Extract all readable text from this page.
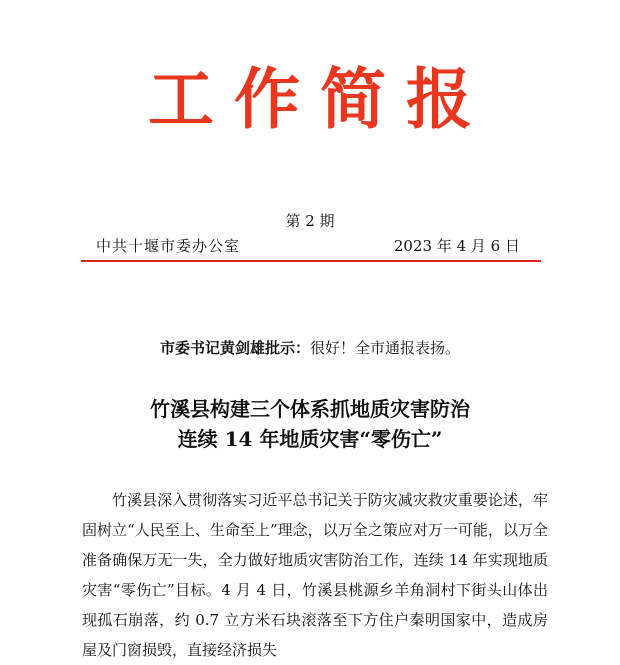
工作简报
第 2 期
中共十堰市委办公室	2023 年 4 月 6 日
市委书记黄剑雄批示：很好！全市通报表扬。
竹溪县构建三个体系抓地质灾害防治
连续 14 年地质灾害“零伤亡”

竹溪县深入贯彻落实习近平总书记关于防灾减灾救灾重要论述，牢固树立“人民至上、生命至上”理念，以万全之策应对万一可能，以万全准备确保万无一失，全力做好地质灾害防治工作，连续 14 年实现地质灾害“零伤亡”目标。4 月 4 日，竹溪县桃源乡羊角洞村下街头山体出现孤石崩落，约 0.7 立方米石块滚落至下方住户秦明国家中，造成房屋及门窗损毁，直接经济损失
